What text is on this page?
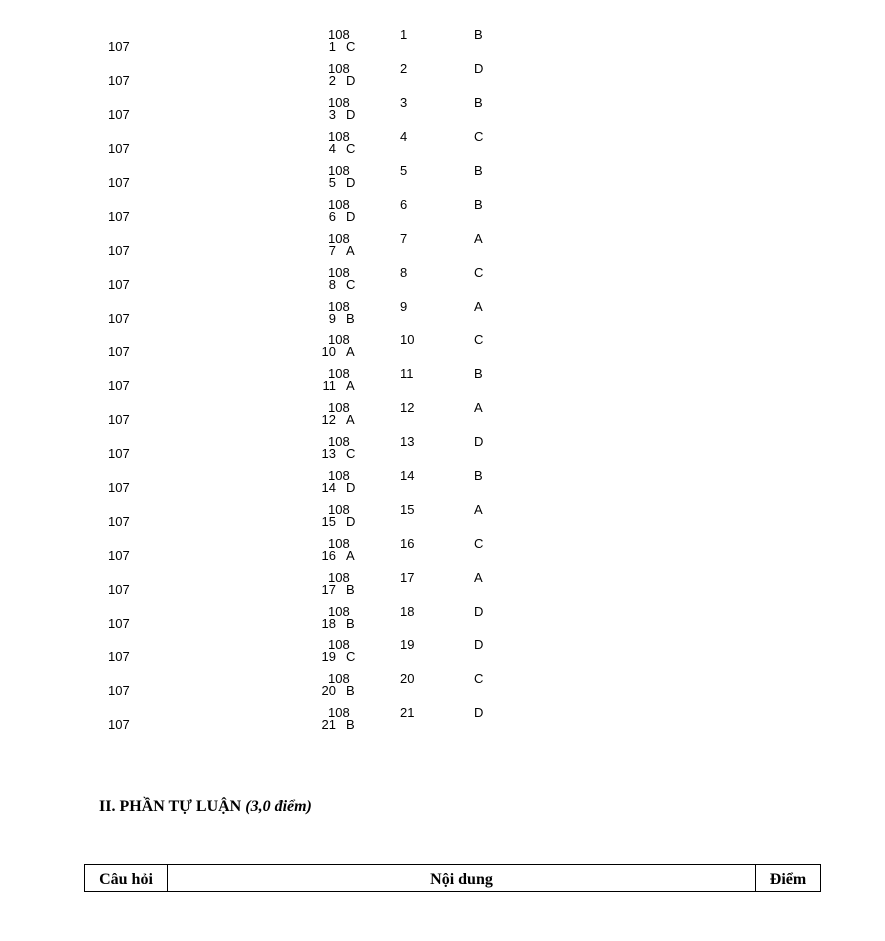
107	1	C
107	2	D
107	3	D
107	4	C
107	5	D
107	6	D
107	7	A
107	8	C
107	9	B
107	10	A
107	11	A
107	12	A
107	13	C
107	14	D
107	15	D
107	16	A
107	17	B
107	18	B
107	19	C
107	20	B
107	21	B
108	1	B
108	2	D
108	3	B
108	4	C
108	5	B
108	6	B
108	7	A
108	8	C
108	9	A
108	10	C
108	11	B
108	12	A
108	13	D
108	14	B
108	15	A
108	16	C
108	17	A
108	18	D
108	19	D
108	20	C
108	21	D
II. PHẦN TỰ LUẬN (3,0 điểm)
Câu hỏi	Nội dung	Điểm
